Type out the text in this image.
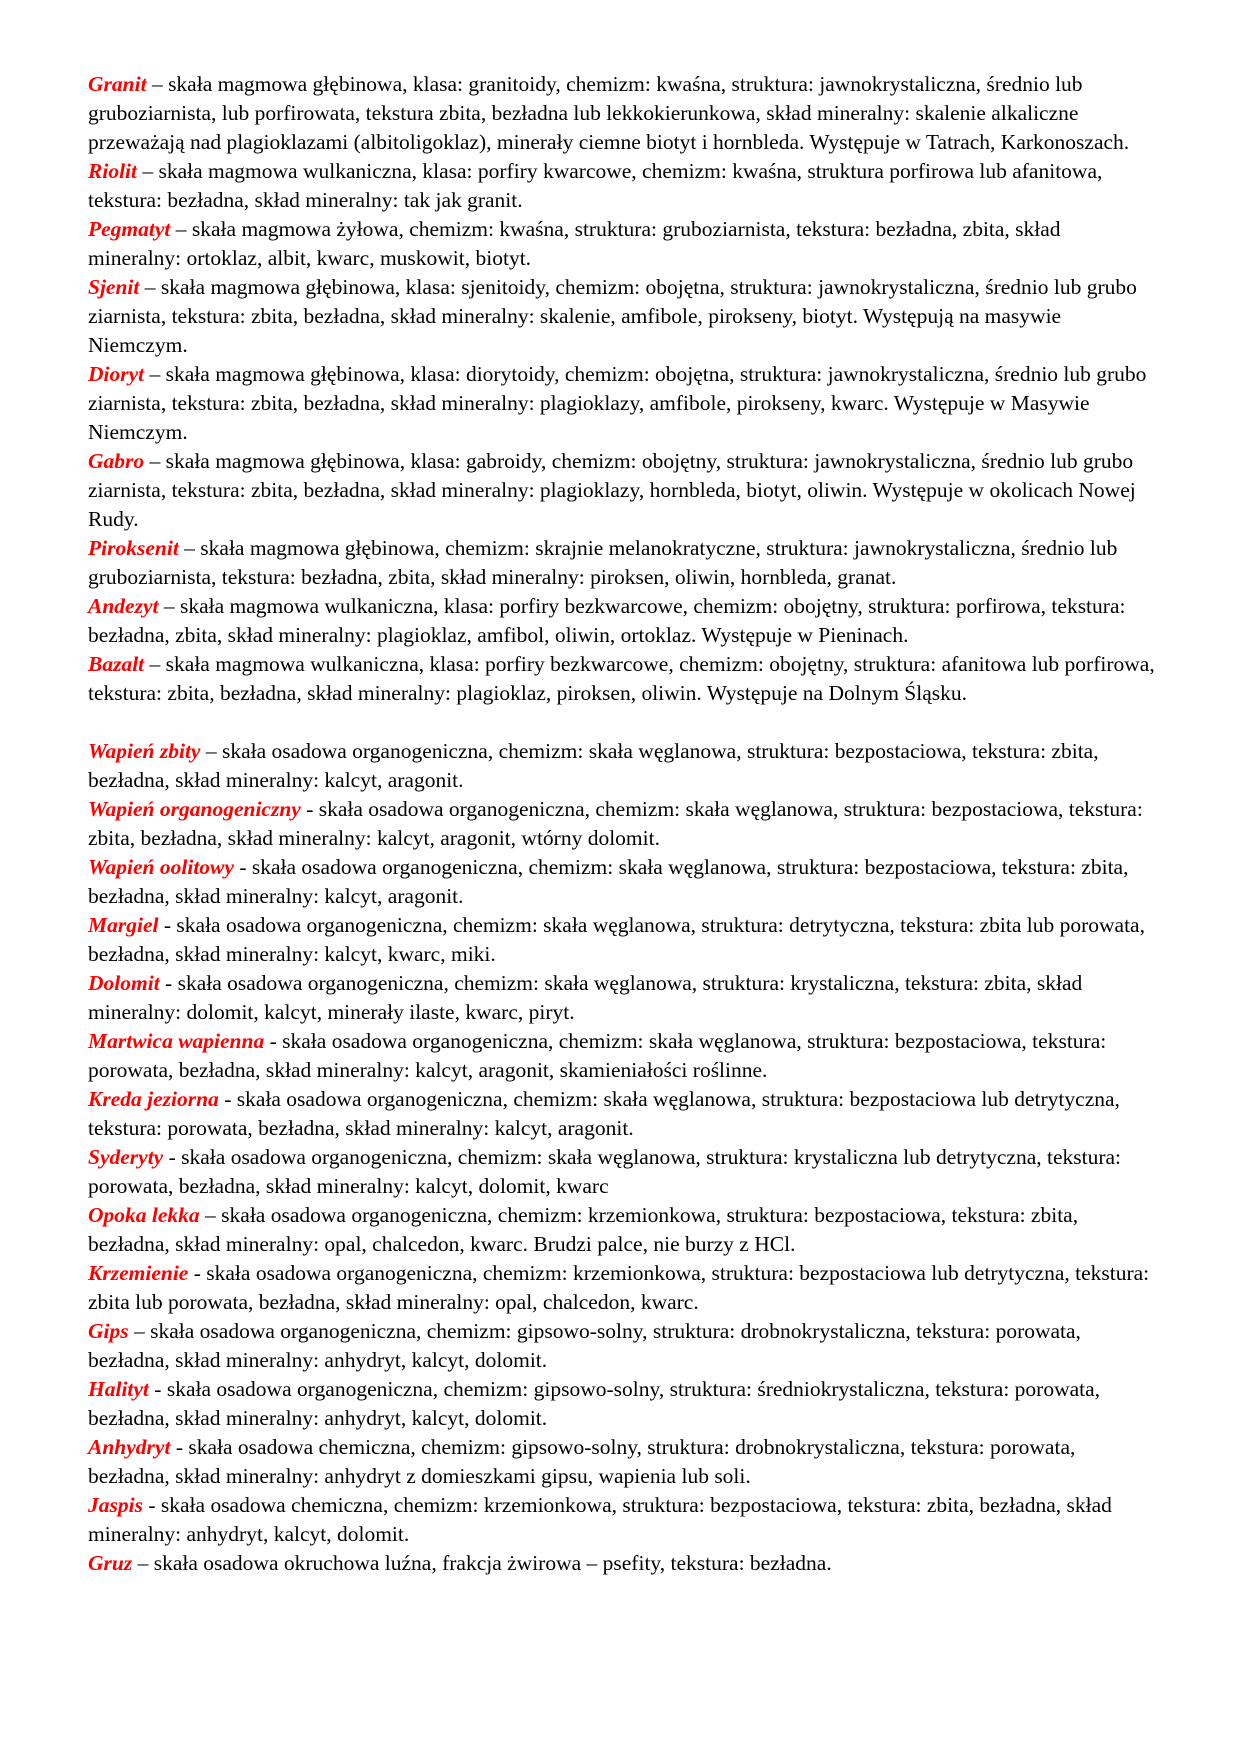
Granit – skała magmowa głębinowa, klasa: granitoidy, chemizm: kwaśna, struktura: jawnokrystaliczna, średnio lub gruboziarnista, lub porfirowata, tekstura zbita, bezładna lub lekkokierunkowa, skład mineralny: skalenie alkaliczne przeważają nad plagioklazami (albitoligoklaz), minerały ciemne biotyt i hornbleda. Występuje w Tatrach, Karkonoszach.

Riolit – skała magmowa wulkaniczna, klasa: porfiry kwarcowe, chemizm: kwaśna, struktura porfirowa lub afanitowa, tekstura: bezładna, skład mineralny: tak jak granit.

Pegmatyt – skała magmowa żyłowa, chemizm: kwaśna, struktura: gruboziarnista, tekstura: bezładna, zbita, skład mineralny: ortoklaz, albit, kwarc, muskowit, biotyt.

Sjenit – skała magmowa głębinowa, klasa: sjenitoidy, chemizm: obojętna, struktura: jawnokrystaliczna, średnio lub grubo ziarnista, tekstura: zbita, bezładna, skład mineralny: skalenie, amfibole, pirokseny, biotyt. Występują na masywie Niemczym.

Dioryt – skała magmowa głębinowa, klasa: diorytoidy, chemizm: obojętna, struktura: jawnokrystaliczna, średnio lub grubo ziarnista, tekstura: zbita, bezładna, skład mineralny: plagioklazy, amfibole, pirokseny, kwarc. Występuje w Masywie Niemczym.

Gabro – skała magmowa głębinowa, klasa: gabroidy, chemizm: obojętny, struktura: jawnokrystaliczna, średnio lub grubo ziarnista, tekstura: zbita, bezładna, skład mineralny: plagioklazy, hornbleda, biotyt, oliwin. Występuje w okolicach Nowej Rudy.

Piroksenit – skała magmowa głębinowa, chemizm: skrajnie melanokratyczne, struktura: jawnokrystaliczna, średnio lub gruboziarnista, tekstura: bezładna, zbita, skład mineralny: piroksen, oliwin, hornbleda, granat.

Andezyt – skała magmowa wulkaniczna, klasa: porfiry bezkwarcowe, chemizm: obojętny, struktura: porfirowa, tekstura: bezładna, zbita, skład mineralny: plagioklaz, amfibol, oliwin, ortoklaz. Występuje w Pieninach.

Bazalt – skała magmowa wulkaniczna, klasa: porfiry bezkwarcowe, chemizm: obojętny, struktura: afanitowa lub porfirowa, tekstura: zbita, bezładna, skład mineralny: plagioklaz, piroksen, oliwin. Występuje na Dolnym Śląsku.

Wapień zbity – skała osadowa organogeniczna, chemizm: skała węglanowa, struktura: bezpostaciowa, tekstura: zbita, bezładna, skład mineralny: kalcyt, aragonit.

Wapień organogeniczny - skała osadowa organogeniczna, chemizm: skała węglanowa, struktura: bezpostaciowa, tekstura: zbita, bezładna, skład mineralny: kalcyt, aragonit, wtórny dolomit.

Wapień oolitowy - skała osadowa organogeniczna, chemizm: skała węglanowa, struktura: bezpostaciowa, tekstura: zbita, bezładna, skład mineralny: kalcyt, aragonit.

Margiel - skała osadowa organogeniczna, chemizm: skała węglanowa, struktura: detrytyczna, tekstura: zbita lub porowata, bezładna, skład mineralny: kalcyt, kwarc, miki.

Dolomit - skała osadowa organogeniczna, chemizm: skała węglanowa, struktura: krystaliczna, tekstura: zbita, skład mineralny: dolomit, kalcyt, minerały ilaste, kwarc, piryt.

Martwica wapienna - skała osadowa organogeniczna, chemizm: skała węglanowa, struktura: bezpostaciowa, tekstura: porowata, bezładna, skład mineralny: kalcyt, aragonit, skamieniałości roślinne.

Kreda jeziorna - skała osadowa organogeniczna, chemizm: skała węglanowa, struktura: bezpostaciowa lub detrytyczna, tekstura: porowata, bezładna, skład mineralny: kalcyt, aragonit.

Syderyty - skała osadowa organogeniczna, chemizm: skała węglanowa, struktura: krystaliczna lub detrytyczna, tekstura: porowata, bezładna, skład mineralny: kalcyt, dolomit, kwarc

Opoka lekka – skała osadowa organogeniczna, chemizm: krzemionkowa, struktura: bezpostaciowa, tekstura: zbita, bezładna, skład mineralny: opal, chalcedon, kwarc. Brudzi palce, nie burzy z HCl.

Krzemienie - skała osadowa organogeniczna, chemizm: krzemionkowa, struktura: bezpostaciowa lub detrytyczna, tekstura: zbita lub porowata, bezładna, skład mineralny: opal, chalcedon, kwarc.

Gips – skała osadowa organogeniczna, chemizm: gipsowo-solny, struktura: drobnokrystaliczna, tekstura: porowata, bezładna, skład mineralny: anhydryt, kalcyt, dolomit.

Halityt - skała osadowa organogeniczna, chemizm: gipsowo-solny, struktura: średniokrystaliczna, tekstura: porowata, bezładna, skład mineralny: anhydryt, kalcyt, dolomit.

Anhydryt - skała osadowa chemiczna, chemizm: gipsowo-solny, struktura: drobnokrystaliczna, tekstura: porowata, bezładna, skład mineralny: anhydryt z domieszkami gipsu, wapienia lub soli.

Jaspis - skała osadowa chemiczna, chemizm: krzemionkowa, struktura: bezpostaciowa, tekstura: zbita, bezładna, skład mineralny: anhydryt, kalcyt, dolomit.

Gruz – skała osadowa okruchowa luźna, frakcja żwirowa – psefity, tekstura: bezładna.
